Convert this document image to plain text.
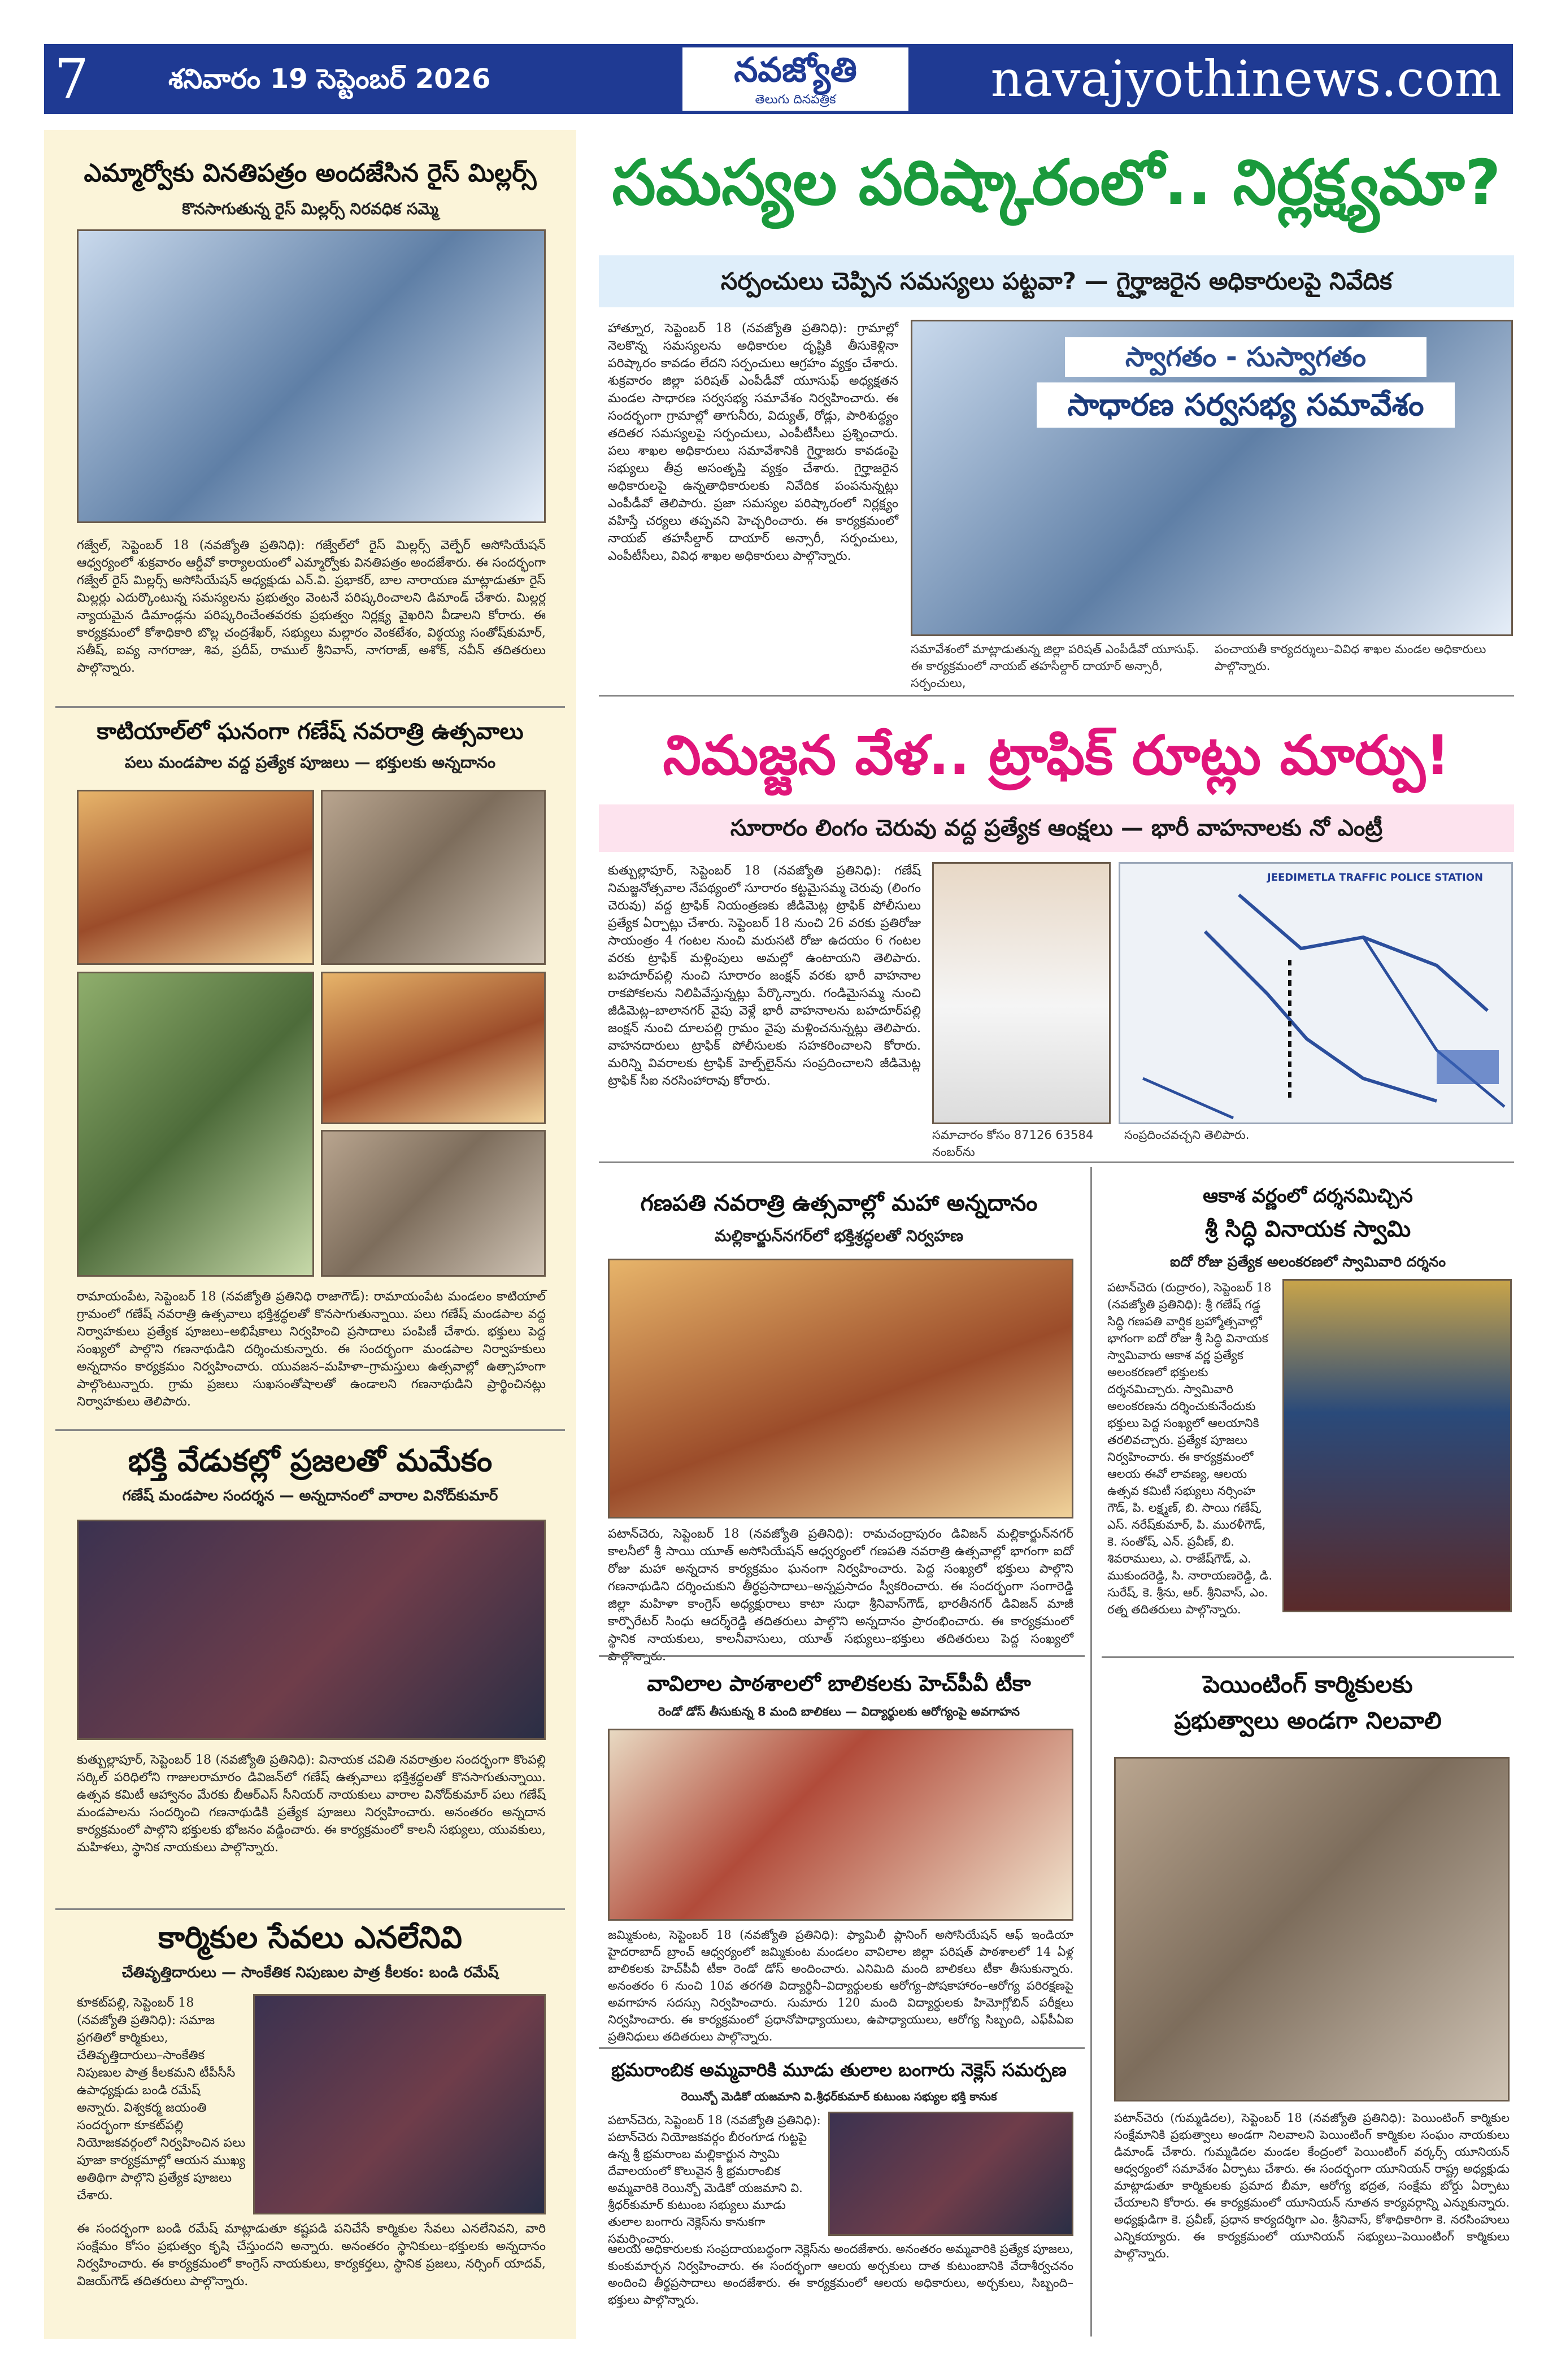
7	శనివారం 19 సెప్టెంబర్ 2026	నవజ్యోతి
తెలుగు దినపత్రిక	navajyothinews.com
ఎమ్మార్వోకు వినతిపత్రం అందజేసిన రైస్ మిల్లర్స్
కొనసాగుతున్న రైస్ మిల్లర్స్ నిరవధిక సమ్మె
గజ్వేల్, సెప్టెంబర్ 18 (నవజ్యోతి ప్రతినిధి): గజ్వేల్‌లో రైస్ మిల్లర్స్ వెల్ఫేర్ అసోసియేషన్ ఆధ్వర్యంలో శుక్రవారం ఆర్డీవో కార్యాలయంలో ఎమ్మార్వోకు వినతిపత్రం అందజేశారు. ఈ సందర్భంగా గజ్వేల్ రైస్ మిల్లర్స్ అసోసియేషన్ అధ్యక్షుడు ఎన్.వి. ప్రభాకర్, బాల నారాయణ మాట్లాడుతూ రైస్ మిల్లర్లు ఎదుర్కొంటున్న సమస్యలను ప్రభుత్వం వెంటనే పరిష్కరించాలని డిమాండ్ చేశారు. మిల్లర్ల న్యాయమైన డిమాండ్లను పరిష్కరించేంతవరకు ప్రభుత్వం నిర్లక్ష్య వైఖరిని వీడాలని కోరారు. ఈ కార్యక్రమంలో కోశాధికారి బొల్ల చంద్రశేఖర్, సభ్యులు మల్లారం వెంకటేశం, విఠ్ఠయ్య సంతోష్‌కుమార్, సతీష్, ఐవ్య నాగరాజు, శివ, ప్రదీప్, రాముల్ శ్రీనివాస్, నాగరాజ్, అశోక్, నవీన్ తదితరులు పాల్గొన్నారు.
కాటియాల్‌లో ఘనంగా గణేష్ నవరాత్రి ఉత్సవాలు
పలు మండపాల వద్ద ప్రత్యేక పూజలు — భక్తులకు అన్నదానం
రామాయంపేట, సెప్టెంబర్ 18 (నవజ్యోతి ప్రతినిధి రాజాగౌడ్): రామాయంపేట మండలం కాటియాల్ గ్రామంలో గణేష్ నవరాత్రి ఉత్సవాలు భక్తిశ్రద్ధలతో కొనసాగుతున్నాయి. పలు గణేష్ మండపాల వద్ద నిర్వాహకులు ప్రత్యేక పూజలు–అభిషేకాలు నిర్వహించి ప్రసాదాలు పంపిణీ చేశారు. భక్తులు పెద్ద సంఖ్యలో పాల్గొని గణనాథుడిని దర్శించుకున్నారు. ఈ సందర్భంగా మండపాల నిర్వాహకులు అన్నదానం కార్యక్రమం నిర్వహించారు. యువజన–మహిళా–గ్రామస్తులు ఉత్సవాల్లో ఉత్సాహంగా పాల్గొంటున్నారు. గ్రామ ప్రజలు సుఖసంతోషాలతో ఉండాలని గణనాథుడిని ప్రార్థించినట్లు నిర్వాహకులు తెలిపారు.
భక్తి వేడుకల్లో ప్రజలతో మమేకం
గణేష్ మండపాల సందర్శన — అన్నదానంలో వారాల వినోద్‌కుమార్
కుత్బుల్లాపూర్, సెప్టెంబర్ 18 (నవజ్యోతి ప్రతినిధి): వినాయక చవితి నవరాత్రుల సందర్భంగా కొంపల్లి సర్కిల్ పరిధిలోని గాజులరామారం డివిజన్‌లో గణేష్ ఉత్సవాలు భక్తిశ్రద్ధలతో కొనసాగుతున్నాయి. ఉత్సవ కమిటీ ఆహ్వానం మేరకు బీఆర్ఎస్ సీనియర్ నాయకులు వారాల వినోద్‌కుమార్ పలు గణేష్ మండపాలను సందర్శించి గణనాథుడికి ప్రత్యేక పూజలు నిర్వహించారు. అనంతరం అన్నదాన కార్యక్రమంలో పాల్గొని భక్తులకు భోజనం వడ్డించారు. ఈ కార్యక్రమంలో కాలనీ సభ్యులు, యువకులు, మహిళలు, స్థానిక నాయకులు పాల్గొన్నారు.
కార్మికుల సేవలు ఎనలేనివి
చేతివృత్తిదారులు — సాంకేతిక నిపుణుల పాత్ర కీలకం: బండి రమేష్
కూకట్‌పల్లి, సెప్టెంబర్ 18 (నవజ్యోతి ప్రతినిధి): సమాజ ప్రగతిలో కార్మికులు, చేతివృత్తిదారులు–సాంకేతిక నిపుణుల పాత్ర కీలకమని టీపీసీసీ ఉపాధ్యక్షుడు బండి రమేష్ అన్నారు. విశ్వకర్మ జయంతి సందర్భంగా కూకట్‌పల్లి నియోజకవర్గంలో నిర్వహించిన పలు పూజా కార్యక్రమాల్లో ఆయన ముఖ్య అతిథిగా పాల్గొని ప్రత్యేక పూజలు చేశారు.
ఈ సందర్భంగా బండి రమేష్ మాట్లాడుతూ కష్టపడి పనిచేసే కార్మికుల సేవలు ఎనలేనివని, వారి సంక్షేమం కోసం ప్రభుత్వం కృషి చేస్తుందని అన్నారు. అనంతరం స్థానికులు–భక్తులకు అన్నదానం నిర్వహించారు. ఈ కార్యక్రమంలో కాంగ్రెస్ నాయకులు, కార్యకర్తలు, స్థానిక ప్రజలు, నర్సింగ్ యాదవ్, విజయ్‌గౌడ్ తదితరులు పాల్గొన్నారు.
సమస్యల పరిష్కారంలో.. నిర్లక్ష్యమా?
సర్పంచులు చెప్పిన సమస్యలు పట్టవా? — గైర్హాజరైన అధికారులపై నివేదిక
హాత్నూర, సెప్టెంబర్ 18 (నవజ్యోతి ప్రతినిధి): గ్రామాల్లో నెలకొన్న సమస్యలను అధికారుల దృష్టికి తీసుకెళ్లినా పరిష్కారం కావడం లేదని సర్పంచులు ఆగ్రహం వ్యక్తం చేశారు. శుక్రవారం జిల్లా పరిషత్ ఎంపీడీవో యూసుఫ్ అధ్యక్షతన మండల సాధారణ సర్వసభ్య సమావేశం నిర్వహించారు. ఈ సందర్భంగా గ్రామాల్లో తాగునీరు, విద్యుత్, రోడ్లు, పారిశుద్ధ్యం తదితర సమస్యలపై సర్పంచులు, ఎంపీటీసీలు ప్రశ్నించారు. పలు శాఖల అధికారులు సమావేశానికి గైర్హాజరు కావడంపై సభ్యులు తీవ్ర అసంతృప్తి వ్యక్తం చేశారు. గైర్హాజరైన అధికారులపై ఉన్నతాధికారులకు నివేదిక పంపనున్నట్లు ఎంపీడీవో తెలిపారు. ప్రజా సమస్యల పరిష్కారంలో నిర్లక్ష్యం వహిస్తే చర్యలు తప్పవని హెచ్చరించారు. ఈ కార్యక్రమంలో నాయబ్ తహసీల్దార్ దాయార్ అన్సారీ, సర్పంచులు, ఎంపీటీసీలు, వివిధ శాఖల అధికారులు పాల్గొన్నారు.
స్వాగతం - సుస్వాగతం
సాధారణ సర్వసభ్య సమావేశం
సమావేశంలో మాట్లాడుతున్న జిల్లా పరిషత్ ఎంపీడీవో యూసుఫ్. ఈ కార్యక్రమంలో నాయబ్ తహసీల్దార్ దాయార్ అన్సారీ, సర్పంచులు,
పంచాయతీ కార్యదర్శులు–వివిధ శాఖల మండల అధికారులు పాల్గొన్నారు.
నిమజ్జన వేళ.. ట్రాఫిక్ రూట్లు మార్పు!
సూరారం లింగం చెరువు వద్ద ప్రత్యేక ఆంక్షలు — భారీ వాహనాలకు నో ఎంట్రీ
కుత్బుల్లాపూర్, సెప్టెంబర్ 18 (నవజ్యోతి ప్రతినిధి): గణేష్ నిమజ్జనోత్సవాల నేపథ్యంలో సూరారం కట్టమైసమ్మ చెరువు (లింగం చెరువు) వద్ద ట్రాఫిక్ నియంత్రణకు జీడిమెట్ల ట్రాఫిక్ పోలీసులు ప్రత్యేక ఏర్పాట్లు చేశారు. సెప్టెంబర్ 18 నుంచి 26 వరకు ప్రతిరోజు సాయంత్రం 4 గంటల నుంచి మరుసటి రోజు ఉదయం 6 గంటల వరకు ట్రాఫిక్ మళ్లింపులు అమల్లో ఉంటాయని తెలిపారు. బహదూర్‌పల్లి నుంచి సూరారం జంక్షన్ వరకు భారీ వాహనాల రాకపోకలను నిలిపివేస్తున్నట్లు పేర్కొన్నారు. గండిమైసమ్మ నుంచి జీడిమెట్ల–బాలానగర్ వైపు వెళ్లే భారీ వాహనాలను బహదూర్‌పల్లి జంక్షన్ నుంచి దూలపల్లి గ్రామం వైపు మళ్లించనున్నట్లు తెలిపారు. వాహనదారులు ట్రాఫిక్ పోలీసులకు సహకరించాలని కోరారు. మరిన్ని వివరాలకు ట్రాఫిక్ హెల్ప్‌లైన్‌ను సంప్రదించాలని జీడిమెట్ల ట్రాఫిక్ సీఐ నరసింహారావు కోరారు.
JEEDIMETLA TRAFFIC POLICE STATION
సమాచారం కోసం 87126 63584 నంబర్‌ను
సంప్రదించవచ్చని తెలిపారు.
గణపతి నవరాత్రి ఉత్సవాల్లో మహా అన్నదానం
మల్లికార్జున్‌నగర్‌లో భక్తిశ్రద్ధలతో నిర్వహణ
పటాన్‌చెరు, సెప్టెంబర్ 18 (నవజ్యోతి ప్రతినిధి): రామచంద్రాపురం డివిజన్ మల్లికార్జున్‌నగర్ కాలనీలో శ్రీ సాయి యూత్ అసోసియేషన్ ఆధ్వర్యంలో గణపతి నవరాత్రి ఉత్సవాల్లో భాగంగా ఐదో రోజు మహా అన్నదాన కార్యక్రమం ఘనంగా నిర్వహించారు. పెద్ద సంఖ్యలో భక్తులు పాల్గొని గణనాథుడిని దర్శించుకుని తీర్థప్రసాదాలు–అన్నప్రసాదం స్వీకరించారు. ఈ సందర్భంగా సంగారెడ్డి జిల్లా మహిళా కాంగ్రెస్ అధ్యక్షురాలు కాటా సుధా శ్రీనివాస్‌గౌడ్, భారతీనగర్ డివిజన్ మాజీ కార్పొరేటర్ సింధు ఆదర్శ్‌రెడ్డి తదితరులు పాల్గొని అన్నదానం ప్రారంభించారు. ఈ కార్యక్రమంలో స్థానిక నాయకులు, కాలనీవాసులు, యూత్ సభ్యులు–భక్తులు తదితరులు పెద్ద సంఖ్యలో
వావిలాల పాఠశాలలో బాలికలకు హెచ్‌పీవీ టీకా
రెండో డోస్ తీసుకున్న 8 మంది బాలికలు — విద్యార్థులకు ఆరోగ్యంపై అవగాహన
జమ్మికుంట, సెప్టెంబర్ 18 (నవజ్యోతి ప్రతినిధి): ఫ్యామిలీ ప్లానింగ్ అసోసియేషన్ ఆఫ్ ఇండియా హైదరాబాద్ బ్రాంచ్ ఆధ్వర్యంలో జమ్మికుంట మండలం వావిలాల జిల్లా పరిషత్ పాఠశాలలో 14 ఏళ్ల బాలికలకు హెచ్‌పీవీ టీకా రెండో డోస్ అందించారు. ఎనిమిది మంది బాలికలు టీకా తీసుకున్నారు. అనంతరం 6 నుంచి 10వ తరగతి విద్యార్థినీ–విద్యార్థులకు ఆరోగ్య–పోషకాహారం–ఆరోగ్య పరిరక్షణపై అవగాహన సదస్సు నిర్వహించారు. సుమారు 120 మంది విద్యార్థులకు హిమోగ్లోబిన్ పరీక్షలు నిర్వహించారు. ఈ కార్యక్రమంలో ప్రధానోపాధ్యాయులు, ఉపాధ్యాయులు, ఆరోగ్య సిబ్బంది, ఎఫ్‌పీఏఐ ప్రతినిధులు తదితరులు పాల్గొన్నారు.
భ్రమరాంబిక అమ్మవారికి మూడు తులాల బంగారు నెక్లెస్ సమర్పణ
రెయిన్బో మెడికో యజమాని వి.శ్రీధర్‌కుమార్ కుటుంబ సభ్యుల భక్తి కానుక
పటాన్‌చెరు, సెప్టెంబర్ 18 (నవజ్యోతి ప్రతినిధి): పటాన్‌చెరు నియోజకవర్గం బీరంగూడ గుట్టపై ఉన్న శ్రీ భ్రమరాంబ మల్లికార్జున స్వామి దేవాలయంలో కొలువైన శ్రీ భ్రమరాంబిక అమ్మవారికి రెయిన్బో మెడికో యజమాని వి. శ్రీధర్‌కుమార్ కుటుంబ సభ్యులు మూడు తులాల బంగారు నెక్లెస్‌ను కానుకగా సమర్పించారు.
ఆలయ అధికారులకు సంప్రదాయబద్ధంగా నెక్లెస్‌ను అందజేశారు. అనంతరం అమ్మవారికి ప్రత్యేక పూజలు, కుంకుమార్చన నిర్వహించారు. ఈ సందర్భంగా ఆలయ అర్చకులు దాత కుటుంబానికి వేదాశీర్వచనం అందించి తీర్థప్రసాదాలు అందజేశారు. ఈ కార్యక్రమంలో ఆలయ అధికారులు, అర్చకులు, సిబ్బంది–భక్తులు పాల్గొన్నారు.
ఆకాశ వర్ణంలో దర్శనమిచ్చిన
శ్రీ సిద్ధి వినాయక స్వామి
ఐదో రోజు ప్రత్యేక అలంకరణలో స్వామివారి దర్శనం
పటాన్‌చెరు (రుద్రారం), సెప్టెంబర్ 18 (నవజ్యోతి ప్రతినిధి): శ్రీ గణేష్ గడ్డ సిద్ధి గణపతి వార్షిక బ్రహ్మోత్సవాల్లో భాగంగా ఐదో రోజు శ్రీ సిద్ధి వినాయక స్వామివారు ఆకాశ వర్ణ ప్రత్యేక అలంకరణలో భక్తులకు దర్శనమిచ్చారు. స్వామివారి అలంకరణను దర్శించుకునేందుకు భక్తులు పెద్ద సంఖ్యలో ఆలయానికి తరలివచ్చారు. ప్రత్యేక పూజలు నిర్వహించారు. ఈ కార్యక్రమంలో ఆలయ ఈవో లావణ్య, ఆలయ ఉత్సవ కమిటీ సభ్యులు నర్సింహ గౌడ్, పి. లక్ష్మణ్, బి. సాయి గణేష్, ఎస్. నరేష్‌కుమార్, పి. మురళీగౌడ్, కె. సంతోష్, ఎన్. ప్రవీణ్, బి. శివరాములు, ఎ. రాజేష్‌గౌడ్, ఎ. ముకుందరెడ్డి, సి. నారాయణరెడ్డి, డి. సురేష్, కె. శ్రీను, ఆర్. శ్రీనివాస్, ఎం. రత్న తదితరులు పాల్గొన్నారు.
పెయింటింగ్ కార్మికులకు
ప్రభుత్వాలు అండగా నిలవాలి
పటాన్‌చెరు (గుమ్మడిదల), సెప్టెంబర్ 18 (నవజ్యోతి ప్రతినిధి): పెయింటింగ్ కార్మికుల సంక్షేమానికి ప్రభుత్వాలు అండగా నిలవాలని పెయింటింగ్ కార్మికుల సంఘం నాయకులు డిమాండ్ చేశారు. గుమ్మడిదల మండల కేంద్రంలో పెయింటింగ్ వర్కర్స్ యూనియన్ ఆధ్వర్యంలో సమావేశం ఏర్పాటు చేశారు. ఈ సందర్భంగా యూనియన్ రాష్ట్ర అధ్యక్షుడు మాట్లాడుతూ కార్మికులకు ప్రమాద బీమా, ఆరోగ్య భద్రత, సంక్షేమ బోర్డు ఏర్పాటు చేయాలని కోరారు. ఈ కార్యక్రమంలో యూనియన్ నూతన కార్యవర్గాన్ని ఎన్నుకున్నారు. అధ్యక్షుడిగా కె. ప్రవీణ్, ప్రధాన కార్యదర్శిగా ఎం. శ్రీనివాస్, కోశాధికారిగా కె. నరసింహులు ఎన్నికయ్యారు. ఈ కార్యక్రమంలో యూనియన్ సభ్యులు–పెయింటింగ్ కార్మికులు పాల్గొన్నారు.
